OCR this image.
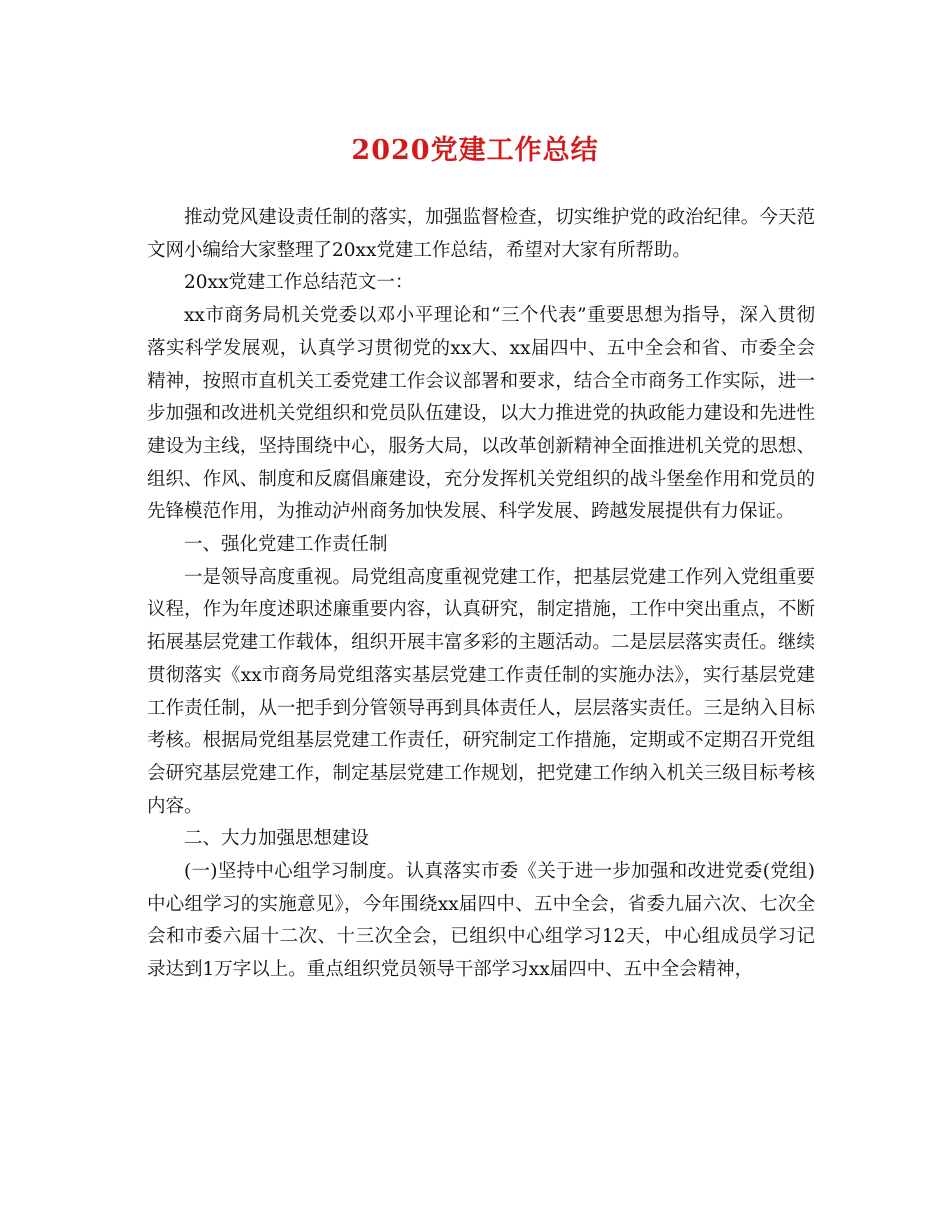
2020党建工作总结

推动党风建设责任制的落实，加强监督检查，切实维护党的政治纪律。今天范文网小编给大家整理了20xx党建工作总结，希望对大家有所帮助。

20xx党建工作总结范文一：

xx市商务局机关党委以邓小平理论和“三个代表”重要思想为指导，深入贯彻落实科学发展观，认真学习贯彻党的xx大、xx届四中、五中全会和省、市委全会精神，按照市直机关工委党建工作会议部署和要求，结合全市商务工作实际，进一步加强和改进机关党组织和党员队伍建设，以大力推进党的执政能力建设和先进性建设为主线，坚持围绕中心，服务大局，以改革创新精神全面推进机关党的思想、组织、作风、制度和反腐倡廉建设，充分发挥机关党组织的战斗堡垒作用和党员的先锋模范作用，为推动泸州商务加快发展、科学发展、跨越发展提供有力保证。

一、强化党建工作责任制

一是领导高度重视。局党组高度重视党建工作，把基层党建工作列入党组重要议程，作为年度述职述廉重要内容，认真研究，制定措施，工作中突出重点，不断拓展基层党建工作载体，组织开展丰富多彩的主题活动。二是层层落实责任。继续贯彻落实《xx市商务局党组落实基层党建工作责任制的实施办法》，实行基层党建工作责任制，从一把手到分管领导再到具体责任人，层层落实责任。三是纳入目标考核。根据局党组基层党建工作责任，研究制定工作措施，定期或不定期召开党组会研究基层党建工作，制定基层党建工作规划，把党建工作纳入机关三级目标考核内容。

二、大力加强思想建设

(一)坚持中心组学习制度。认真落实市委《关于进一步加强和改进党委(党组)中心组学习的实施意见》，今年围绕xx届四中、五中全会，省委九届六次、七次全会和市委六届十二次、十三次全会，已组织中心组学习12天，中心组成员学习记录达到1万字以上。重点组织党员领导干部学习xx届四中、五中全会精神，
